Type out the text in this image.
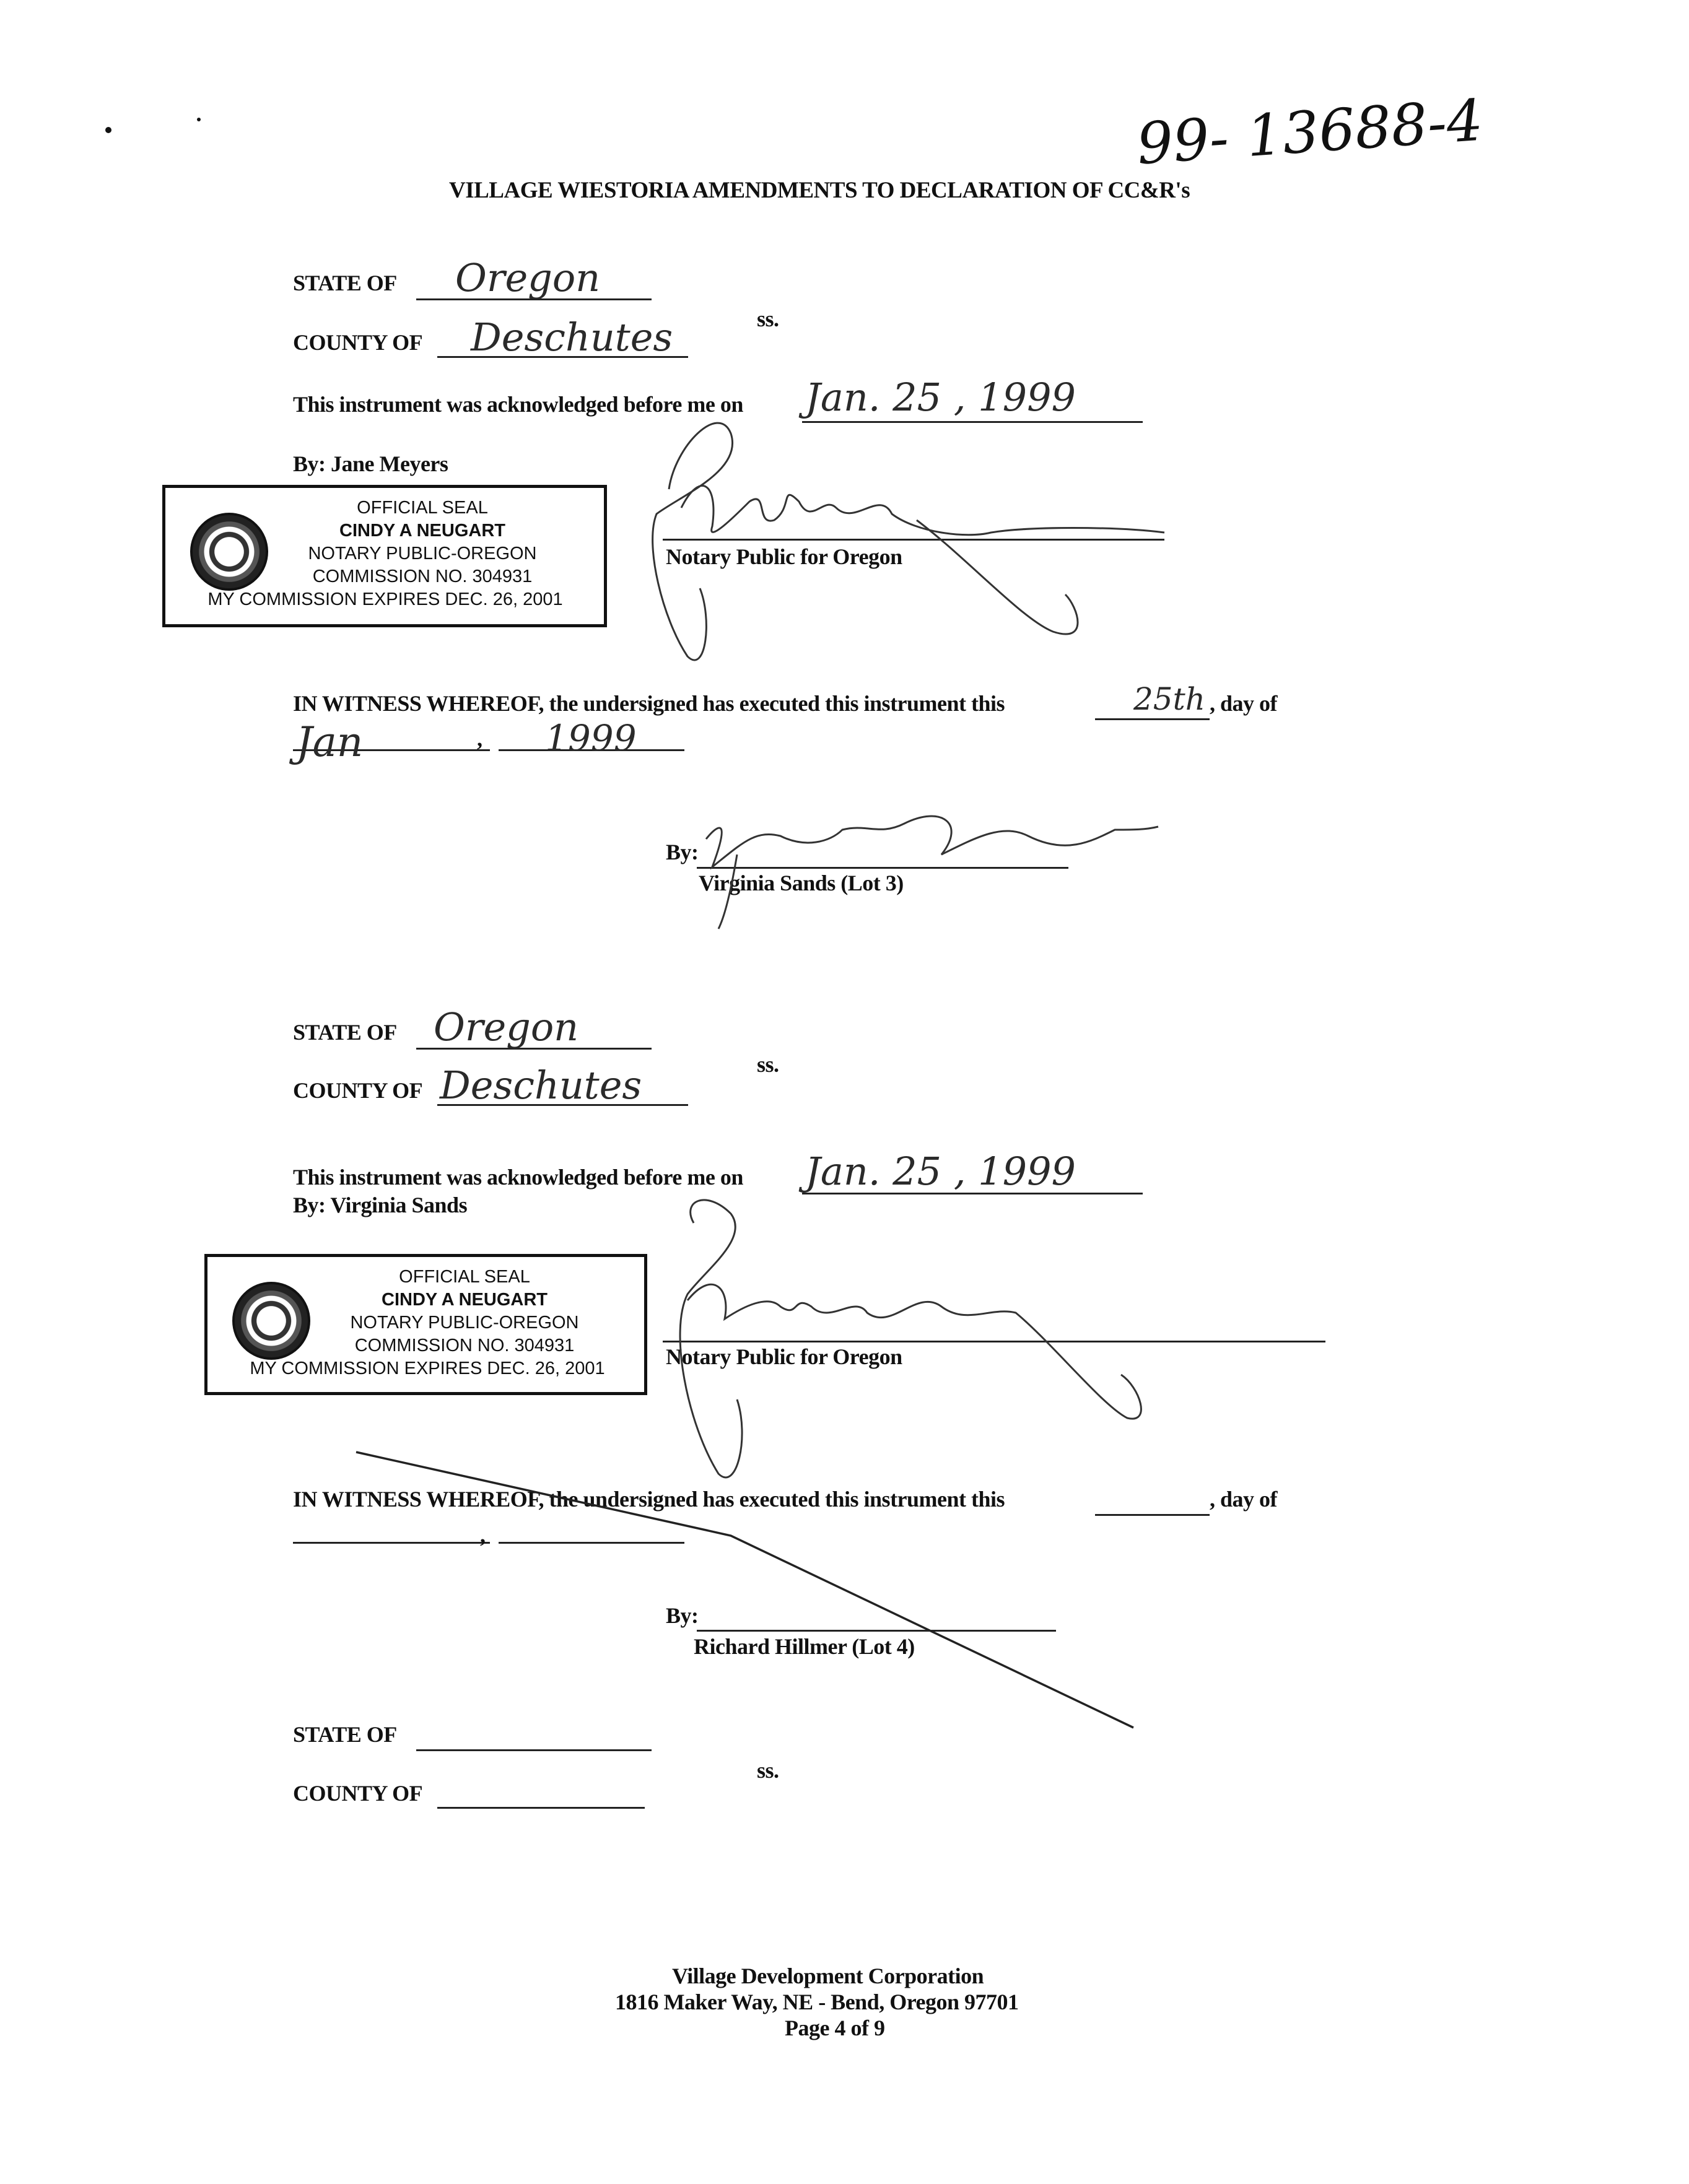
99- 13688-4
VILLAGE WIESTORIA AMENDMENTS TO DECLARATION OF CC&R's
STATE OF Oregon
ss.
COUNTY OF Deschutes
This instrument was acknowledged before me on Jan. 25 , 1999
By: Jane Meyers
OFFICIAL SEAL
CINDY A NEUGART
NOTARY PUBLIC-OREGON
COMMISSION NO. 304931
MY COMMISSION EXPIRES DEC. 26, 2001
Notary Public for Oregon
IN WITNESS WHEREOF, the undersigned has executed this instrument this	25th , day of
Jan	, 1999
By:
Virginia Sands (Lot 3)
STATE OF Oregon
ss.
COUNTY OF Deschutes
This instrument was acknowledged before me on Jan. 25 , 1999
By: Virginia Sands
OFFICIAL SEAL
CINDY A NEUGART
NOTARY PUBLIC-OREGON
COMMISSION NO. 304931
MY COMMISSION EXPIRES DEC. 26, 2001	Notary Public for Oregon
IN WITNESS WHEREOF, the undersigned has executed this instrument this	, day of
,
By:
Richard Hillmer (Lot 4)
STATE OF
ss.
COUNTY OF
Village Development Corporation
1816 Maker Way, NE - Bend, Oregon 97701
Page 4 of 9
